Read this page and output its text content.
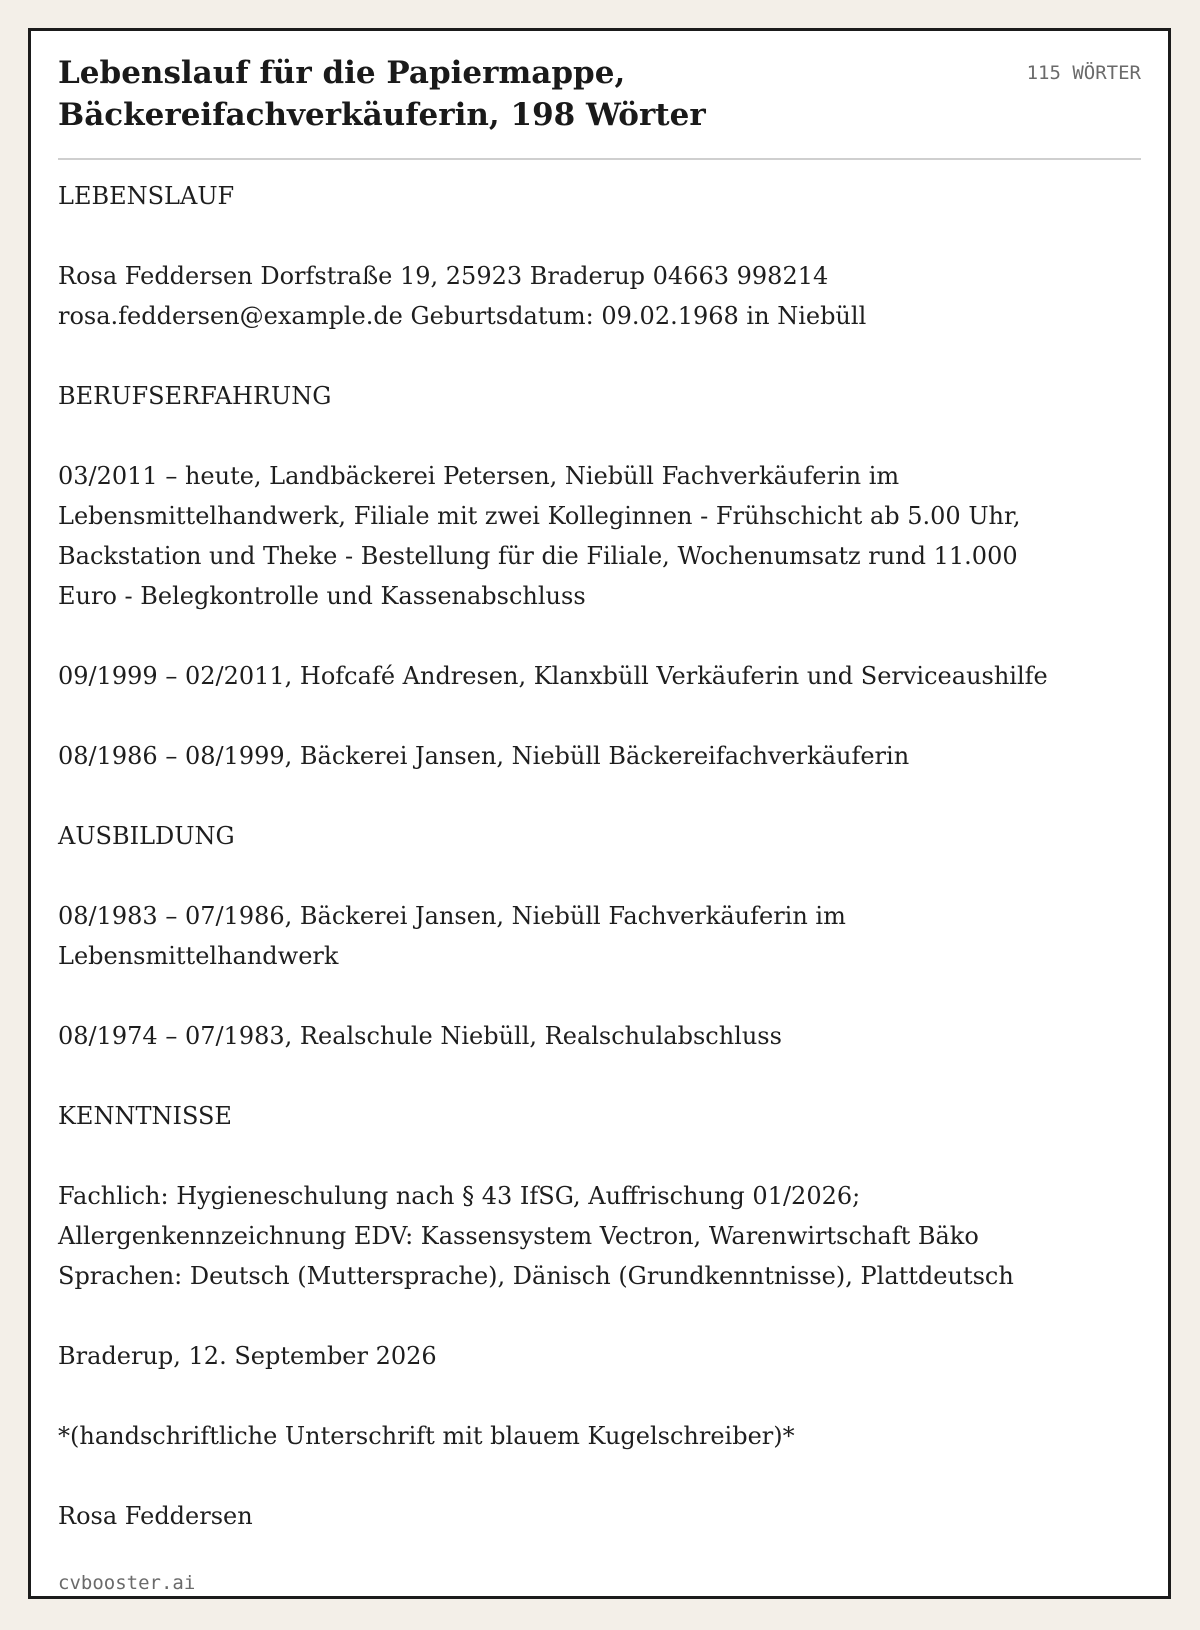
Lebenslauf für die Papiermappe, Bäckereifachverkäuferin, 198 Wörter
115 WÖRTER

LEBENSLAUF

Rosa Feddersen Dorfstraße 19, 25923 Braderup 04663 998214
rosa.feddersen@example.de Geburtsdatum: 09.02.1968 in Niebüll

BERUFSERFAHRUNG

03/2011 – heute, Landbäckerei Petersen, Niebüll Fachverkäuferin im
Lebensmittelhandwerk, Filiale mit zwei Kolleginnen - Frühschicht ab 5.00 Uhr,
Backstation und Theke - Bestellung für die Filiale, Wochenumsatz rund 11.000
Euro - Belegkontrolle und Kassenabschluss

09/1999 – 02/2011, Hofcafé Andresen, Klanxbüll Verkäuferin und Serviceaushilfe

08/1986 – 08/1999, Bäckerei Jansen, Niebüll Bäckereifachverkäuferin

AUSBILDUNG

08/1983 – 07/1986, Bäckerei Jansen, Niebüll Fachverkäuferin im
Lebensmittelhandwerk

08/1974 – 07/1983, Realschule Niebüll, Realschulabschluss

KENNTNISSE

Fachlich: Hygieneschulung nach § 43 IfSG, Auffrischung 01/2026;
Allergenkennzeichnung EDV: Kassensystem Vectron, Warenwirtschaft Bäko
Sprachen: Deutsch (Muttersprache), Dänisch (Grundkenntnisse), Plattdeutsch

Braderup, 12. September 2026

*(handschriftliche Unterschrift mit blauem Kugelschreiber)*

Rosa Feddersen

cvbooster.ai
